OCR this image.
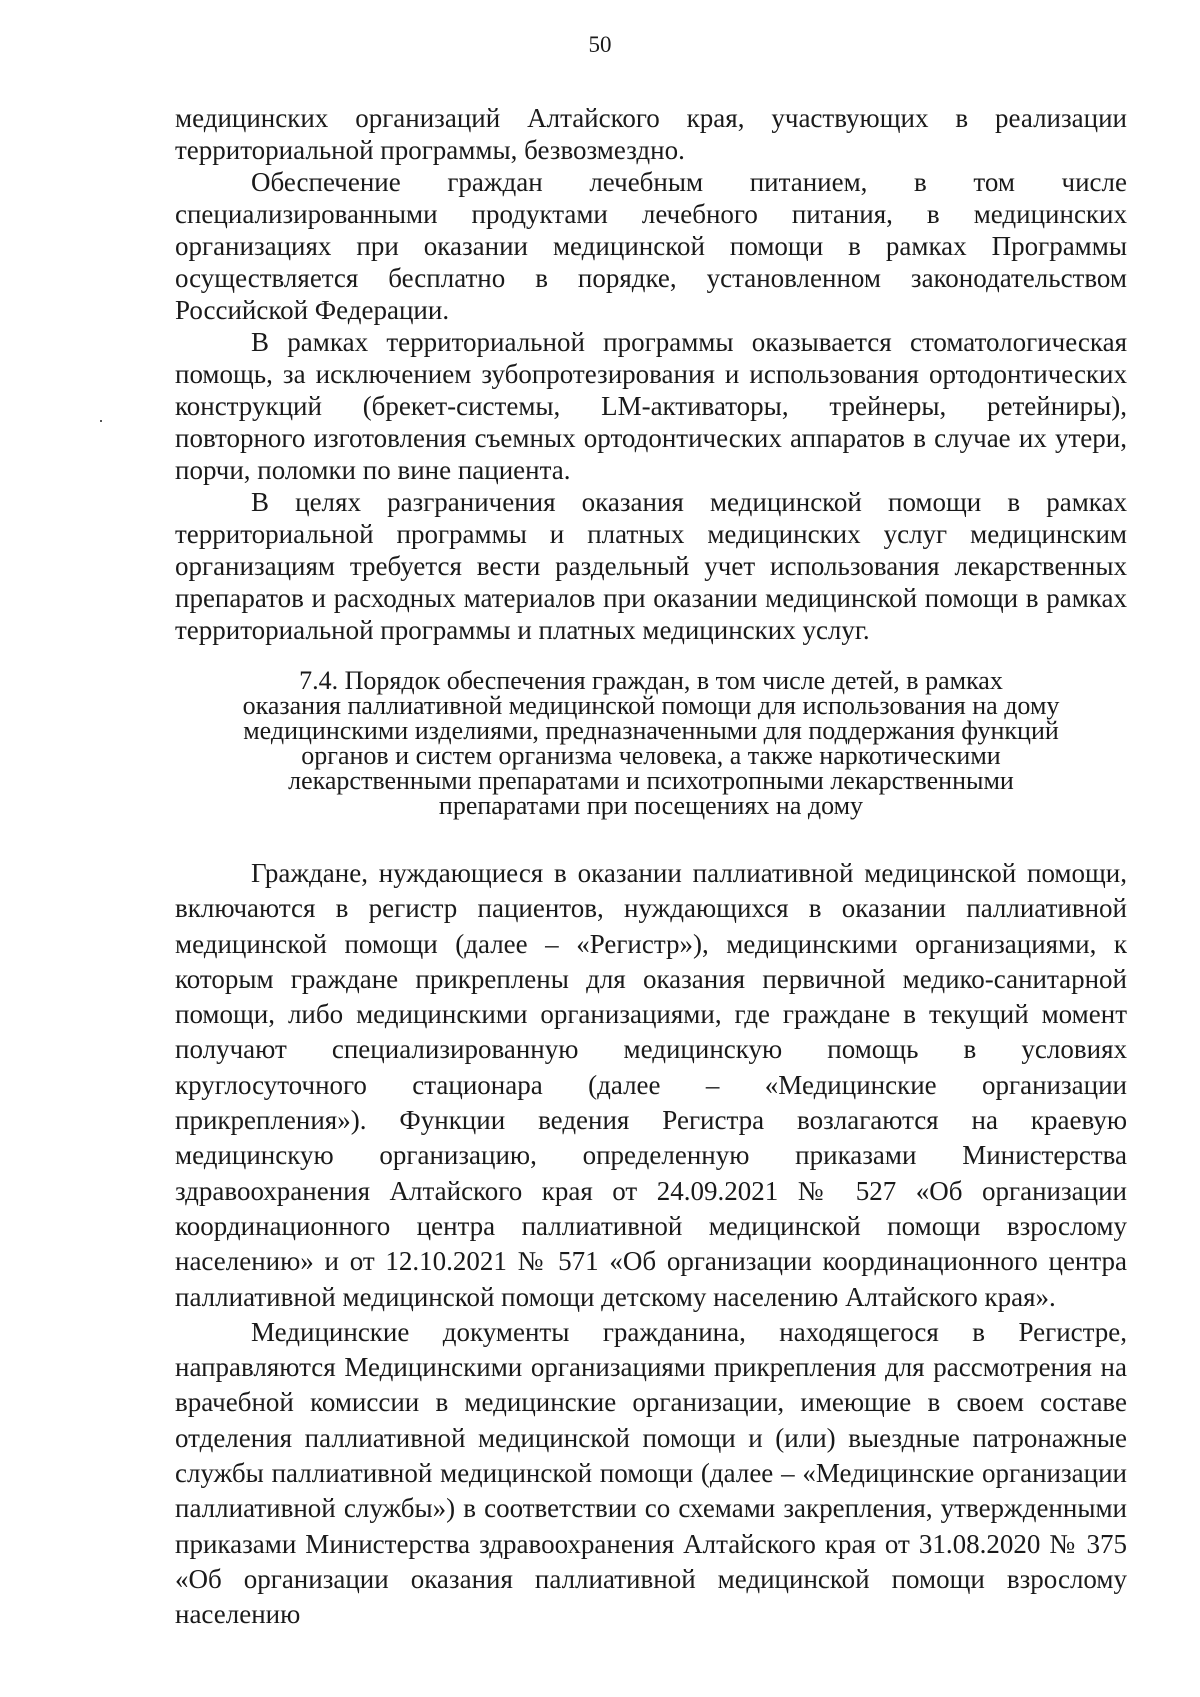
50

медицинских организаций Алтайского края, участвующих в реализации территориальной программы, безвозмездно.

Обеспечение граждан лечебным питанием, в том числе специализированными продуктами лечебного питания, в медицинских организациях при оказании медицинской помощи в рамках Программы осуществляется бесплатно в порядке, установленном законодательством Российской Федерации.

В рамках территориальной программы оказывается стоматологическая помощь, за исключением зубопротезирования и использования ортодонтических конструкций (брекет-системы, LM-активаторы, трейнеры, ретейниры), повторного изготовления съемных ортодонтических аппаратов в случае их утери, порчи, поломки по вине пациента.

В целях разграничения оказания медицинской помощи в рамках территориальной программы и платных медицинских услуг медицинским организациям требуется вести раздельный учет использования лекарственных препаратов и расходных материалов при оказании медицинской помощи в рамках территориальной программы и платных медицинских услуг.

7.4. Порядок обеспечения граждан, в том числе детей, в рамках
оказания паллиативной медицинской помощи для использования на дому
медицинскими изделиями, предназначенными для поддержания функций
органов и систем организма человека, а также наркотическими
лекарственными препаратами и психотропными лекарственными
препаратами при посещениях на дому

Граждане, нуждающиеся в оказании паллиативной медицинской помощи, включаются в регистр пациентов, нуждающихся в оказании паллиативной медицинской помощи (далее – «Регистр»), медицинскими организациями, к которым граждане прикреплены для оказания первичной медико-санитарной помощи, либо медицинскими организациями, где граждане в текущий момент получают специализированную медицинскую помощь в условиях круглосуточного стационара (далее – «Медицинские организации прикрепления»). Функции ведения Регистра возлагаются на краевую медицинскую организацию, определенную приказами Министерства здравоохранения Алтайского края от 24.09.2021 № 527 «Об организации координационного центра паллиативной медицинской помощи взрослому населению» и от 12.10.2021 № 571 «Об организации координационного центра паллиативной медицинской помощи детскому населению Алтайского края».

Медицинские документы гражданина, находящегося в Регистре, направляются Медицинскими организациями прикрепления для рассмотрения на врачебной комиссии в медицинские организации, имеющие в своем составе отделения паллиативной медицинской помощи и (или) выездные патронажные службы паллиативной медицинской помощи (далее – «Медицинские организации паллиативной службы») в соответствии со схемами закрепления, утвержденными приказами Министерства здравоохранения Алтайского края от 31.08.2020 № 375 «Об организации оказания паллиативной медицинской помощи взрослому населению
